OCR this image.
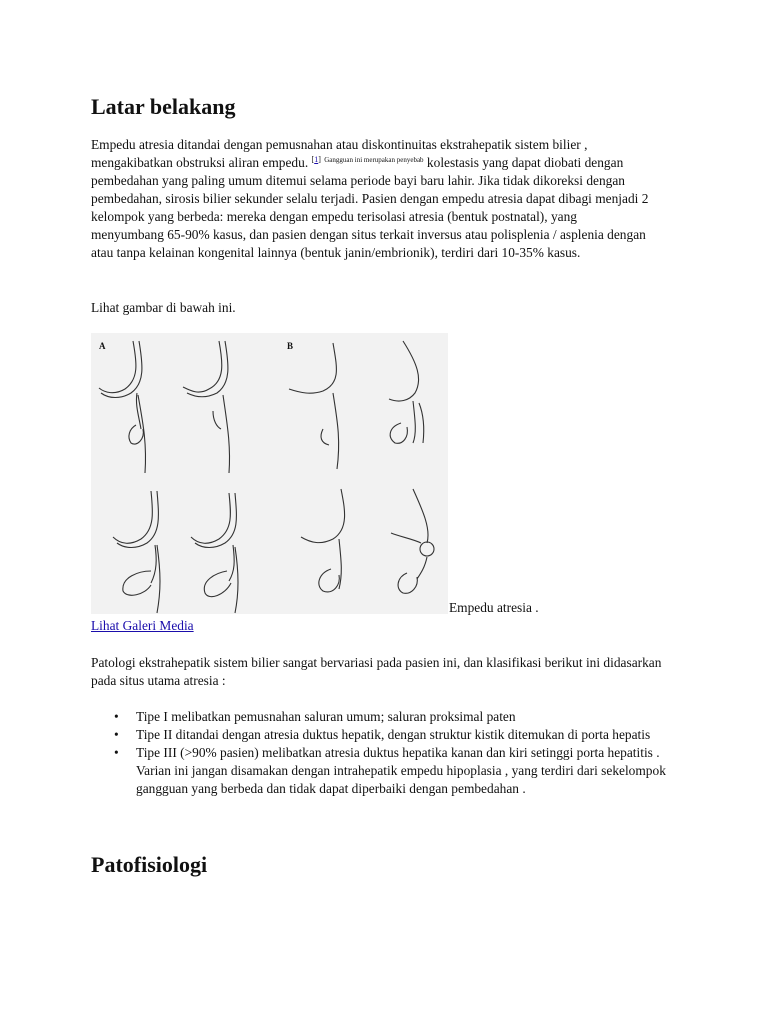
Latar belakang

Empedu atresia ditandai dengan pemusnahan atau diskontinuitas ekstrahepatik sistem bilier , mengakibatkan obstruksi aliran empedu. [1] $^{Gangguan ini merupakan penyebab}$ kolestasis yang dapat diobati dengan pembedahan yang paling umum ditemui selama periode bayi baru lahir. Jika tidak dikoreksi dengan pembedahan, sirosis bilier sekunder selalu terjadi. Pasien dengan empedu atresia dapat dibagi menjadi 2 kelompok yang berbeda: mereka dengan empedu terisolasi atresia (bentuk postnatal), yang menyumbang 65-90% kasus, dan pasien dengan situs terkait inversus atau polisplenia / asplenia dengan atau tanpa kelainan kongenital lainnya (bentuk janin/embrionik), terdiri dari 10-35% kasus.

Lihat gambar di bawah ini.

A	B
Empedu atresia .
Lihat Galeri Media

Patologi ekstrahepatik sistem bilier sangat bervariasi pada pasien ini, dan klasifikasi berikut ini didasarkan pada situs utama atresia :

• Tipe I melibatkan pemusnahan saluran umum; saluran proksimal paten
• Tipe II ditandai dengan atresia duktus hepatik, dengan struktur kistik ditemukan di porta hepatis
• Tipe III (>90% pasien) melibatkan atresia duktus hepatika kanan dan kiri setinggi porta hepatitis . Varian ini jangan disamakan dengan intrahepatik empedu hipoplasia , yang terdiri dari sekelompok gangguan yang berbeda dan tidak dapat diperbaiki dengan pembedahan .
Patofisiologi
